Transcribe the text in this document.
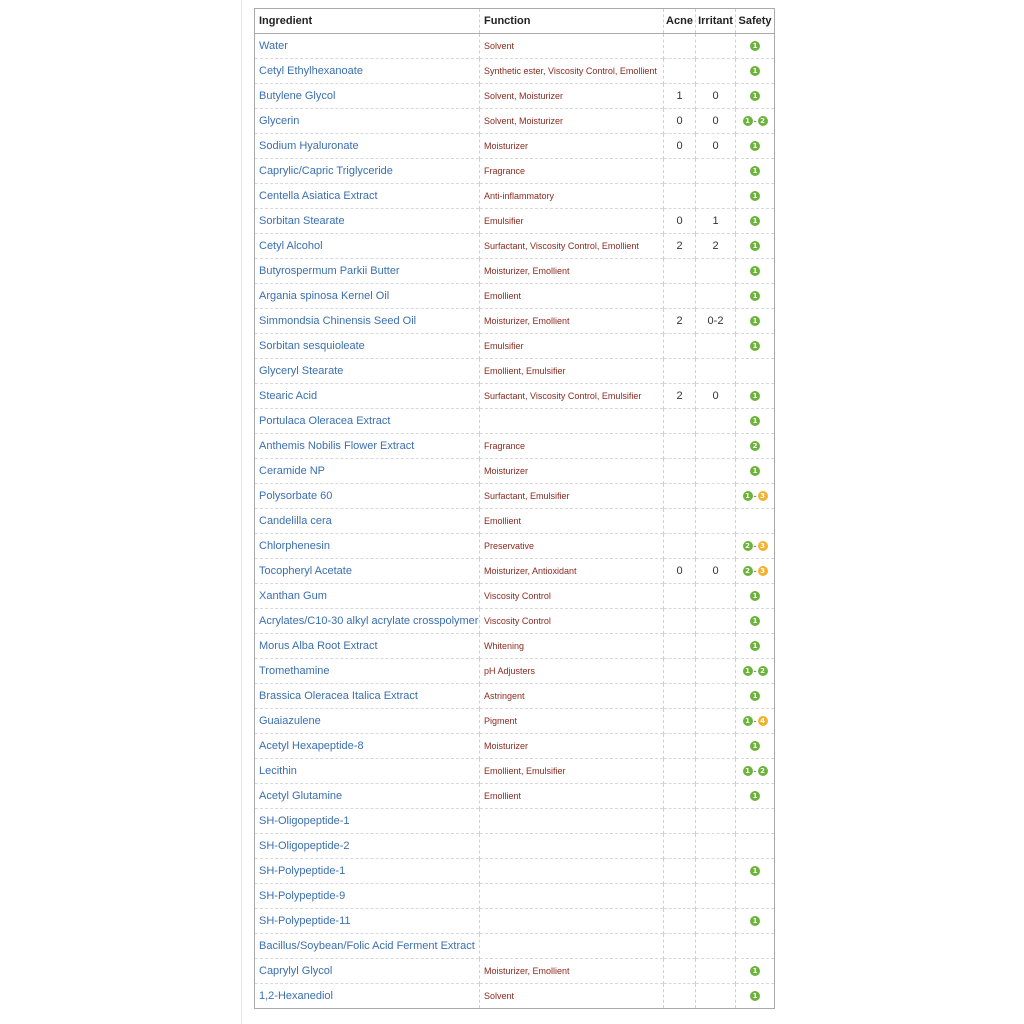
Ingredient	Function	Acne	Irritant	Safety
Water	Solvent			1
Cetyl Ethylhexanoate	Synthetic ester, Viscosity Control, Emollient			1
Butylene Glycol	Solvent, Moisturizer	1	0	1
Glycerin	Solvent, Moisturizer	0	0	1 - 2
Sodium Hyaluronate	Moisturizer	0	0	1
Caprylic/Capric Triglyceride	Fragrance			1
Centella Asiatica Extract	Anti-inflammatory			1
Sorbitan Stearate	Emulsifier	0	1	1
Cetyl Alcohol	Surfactant, Viscosity Control, Emollient	2	2	1
Butyrospermum Parkii Butter	Moisturizer, Emollient			1
Argania spinosa Kernel Oil	Emollient			1
Simmondsia Chinensis Seed Oil	Moisturizer, Emollient	2	0-2	1
Sorbitan sesquioleate	Emulsifier			1
Glyceryl Stearate	Emollient, Emulsifier			
Stearic Acid	Surfactant, Viscosity Control, Emulsifier	2	0	1
Portulaca Oleracea Extract				1
Anthemis Nobilis Flower Extract	Fragrance			2
Ceramide NP	Moisturizer			1
Polysorbate 60	Surfactant, Emulsifier			1 - 3
Candelilla cera	Emollient			
Chlorphenesin	Preservative			2 - 3
Tocopheryl Acetate	Moisturizer, Antioxidant	0	0	2 - 3
Xanthan Gum	Viscosity Control			1
Acrylates/C10-30 alkyl acrylate crosspolymer	Viscosity Control			1
Morus Alba Root Extract	Whitening			1
Tromethamine	pH Adjusters			1 - 2
Brassica Oleracea Italica Extract	Astringent			1
Guaiazulene	Pigment			1 - 4
Acetyl Hexapeptide-8	Moisturizer			1
Lecithin	Emollient, Emulsifier			1 - 2
Acetyl Glutamine	Emollient			1
SH-Oligopeptide-1				
SH-Oligopeptide-2				
SH-Polypeptide-1				1
SH-Polypeptide-9				
SH-Polypeptide-11				1
Bacillus/Soybean/Folic Acid Ferment Extract				
Caprylyl Glycol	Moisturizer, Emollient			1
1,2-Hexanediol	Solvent			1
